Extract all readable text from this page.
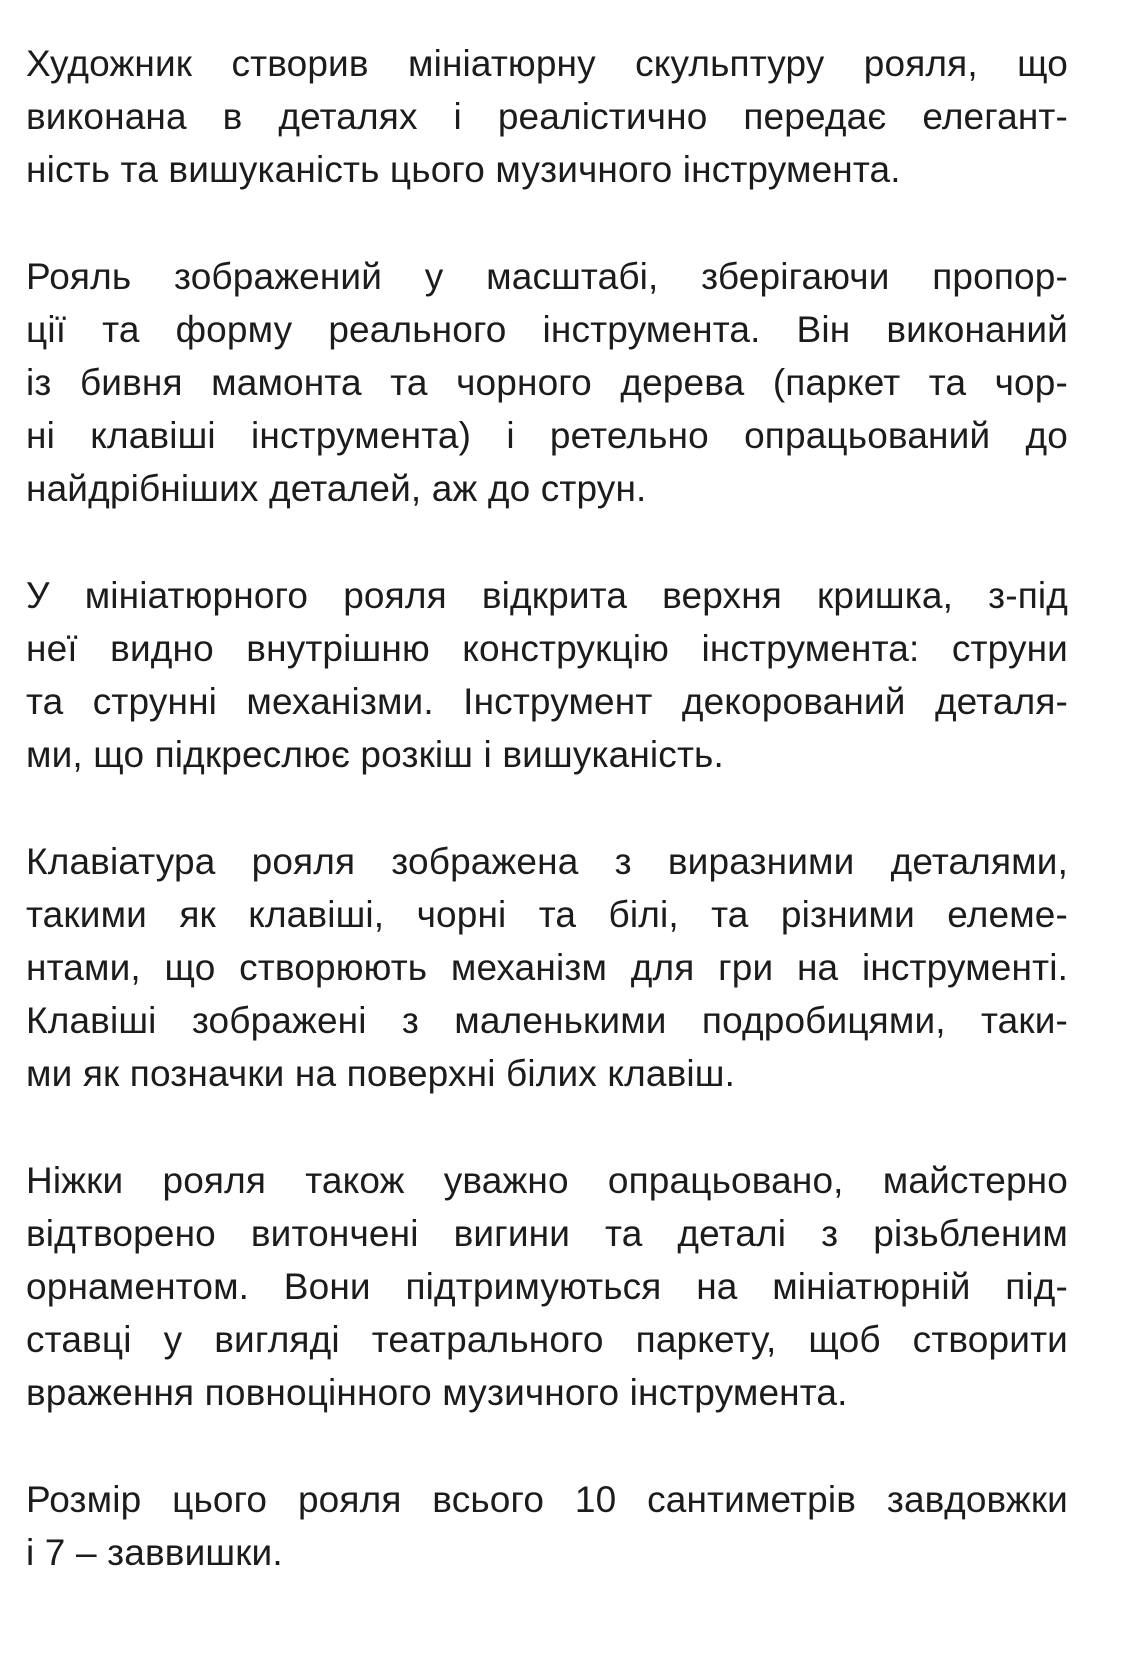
Художник створив мініатюрну скульптуру рояля, що
виконана в деталях і реалістично передає елегант-
ність та вишуканість цього музичного інструмента.

Рояль зображений у масштабі, зберігаючи пропор-
ції та форму реального інструмента. Він виконаний
із бивня мамонта та чорного дерева (паркет та чор-
ні клавіші інструмента) і ретельно опрацьований до
найдрібніших деталей, аж до струн.

У мініатюрного рояля відкрита верхня кришка, з-під
неї видно внутрішню конструкцію інструмента: струни
та струнні механізми. Інструмент декорований деталя-
ми, що підкреслює розкіш і вишуканість.

Клавіатура рояля зображена з виразними деталями,
такими як клавіші, чорні та білі, та різними елеме-
нтами, що створюють механізм для гри на інструменті.
Клавіші зображені з маленькими подробицями, таки-
ми як позначки на поверхні білих клавіш.

Ніжки рояля також уважно опрацьовано, майстерно
відтворено витончені вигини та деталі з різьбленим
орнаментом. Вони підтримуються на мініатюрній під-
ставці у вигляді театрального паркету, щоб створити
враження повноцінного музичного інструмента.

Розмір цього рояля всього 10 сантиметрів завдовжки
і 7 – заввишки.
